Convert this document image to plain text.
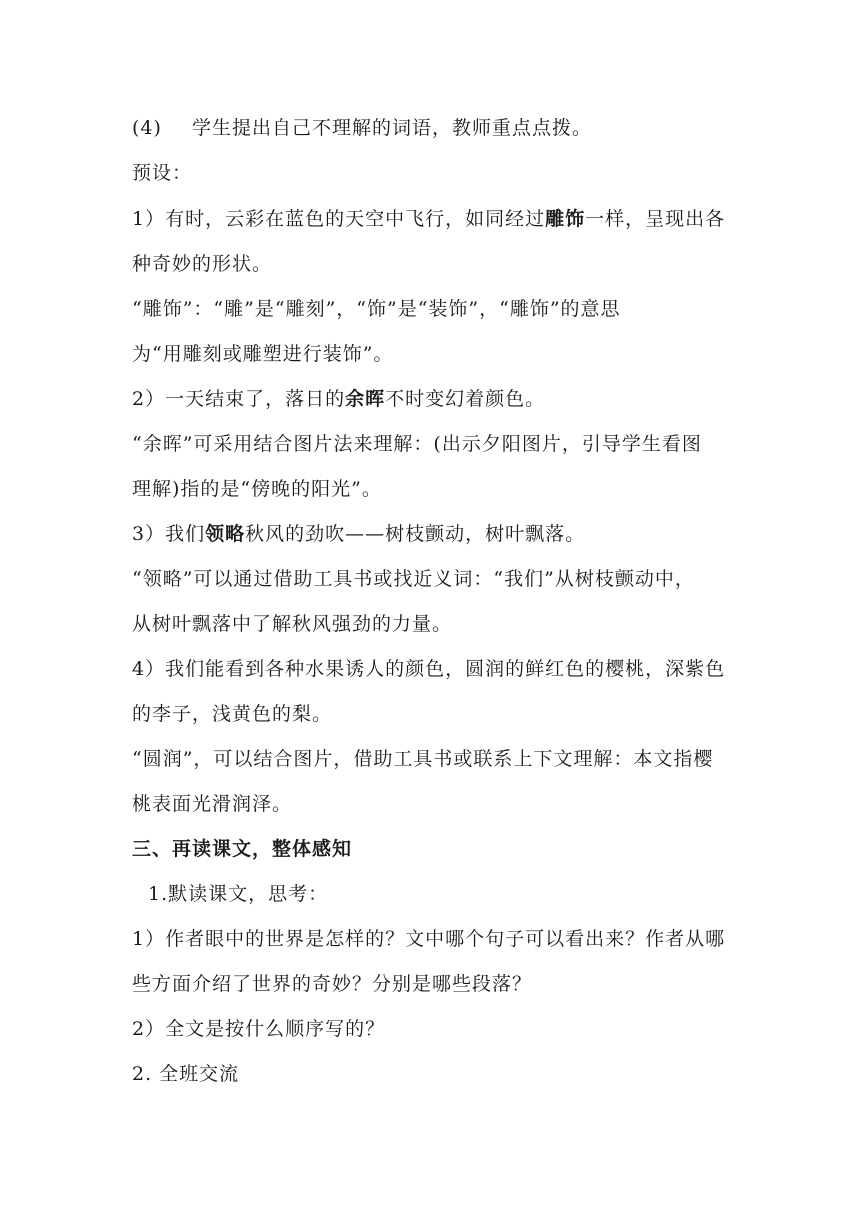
(4) 学生提出自己不理解的词语，教师重点点拨。
预设：
1）有时，云彩在蓝色的天空中飞行，如同经过雕饰一样，呈现出各
种奇妙的形状。
“雕饰”：“雕”是“雕刻”，“饰”是“装饰”，“雕饰”的意思
为“用雕刻或雕塑进行装饰”。
2）一天结束了，落日的余晖不时变幻着颜色。
“余晖”可采用结合图片法来理解：(出示夕阳图片，引导学生看图
理解)指的是“傍晚的阳光”。
3）我们领略秋风的劲吹——树枝颤动，树叶飘落。
“领略”可以通过借助工具书或找近义词：“我们”从树枝颤动中，
从树叶飘落中了解秋风强劲的力量。
4）我们能看到各种水果诱人的颜色，圆润的鲜红色的樱桃，深紫色
的李子，浅黄色的梨。
“圆润”，可以结合图片，借助工具书或联系上下文理解：本文指樱
桃表面光滑润泽。
三、再读课文，整体感知
1.默读课文，思考：
1）作者眼中的世界是怎样的？文中哪个句子可以看出来？作者从哪
些方面介绍了世界的奇妙？分别是哪些段落？
2）全文是按什么顺序写的？
2. 全班交流
